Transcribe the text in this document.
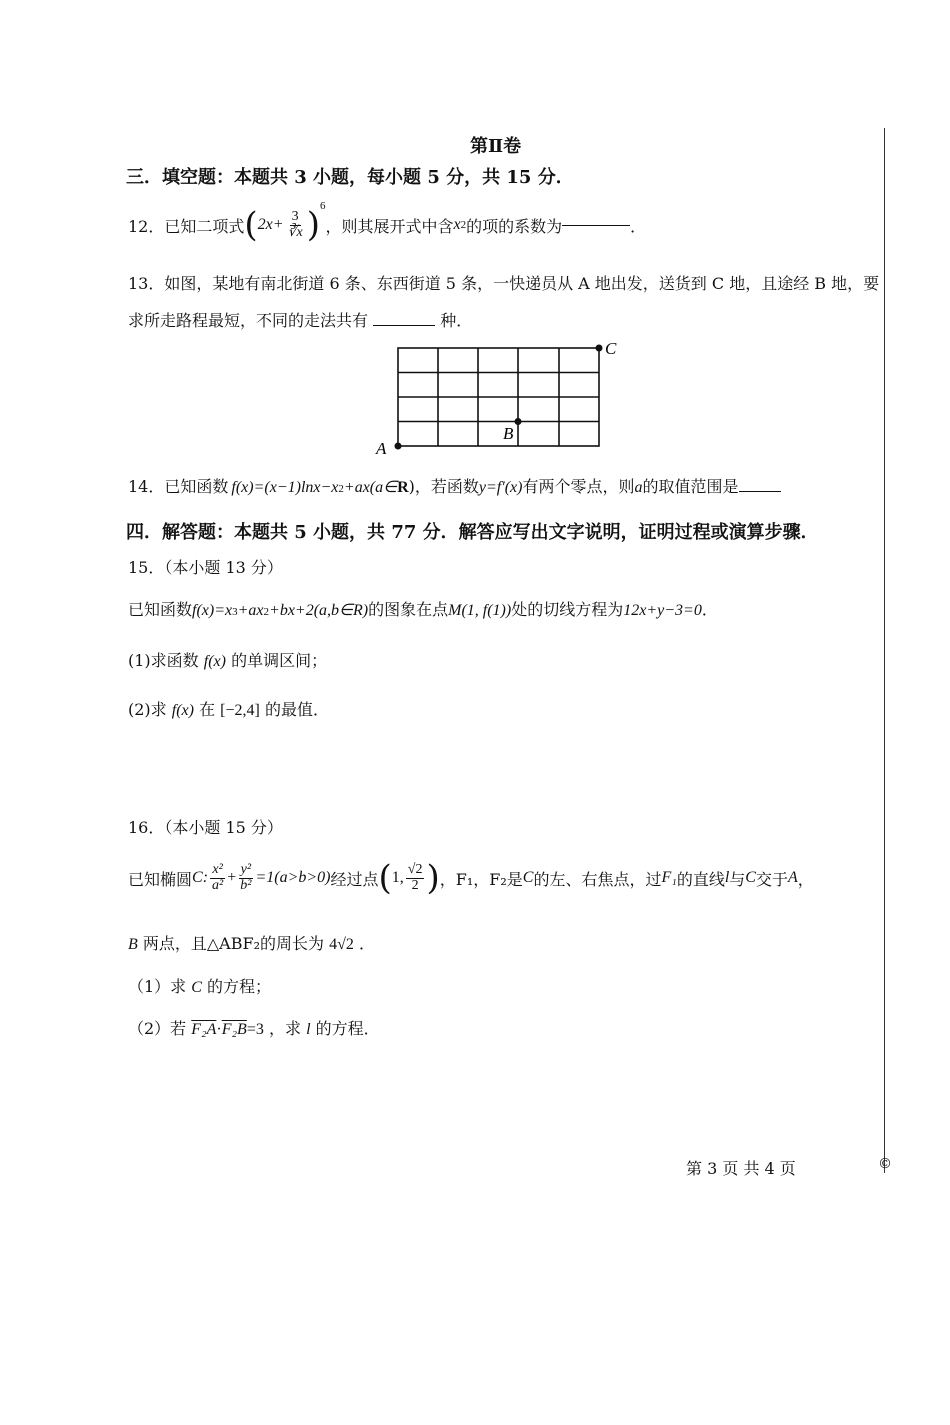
第Ⅱ卷
三．填空题：本题共 3 小题，每小题 5 分，共 15 分．
12． 已知二项式 ( $2x+ \frac{3}{∛x}$ ) 6
，则其展开式中含 x 2 的项的系数为	．
13．如图，某地有南北街道 6 条、东西街道 5 条，一快递员从 A 地出发，送货到 C 地，且途经 B 地，要
求所走路程最短，不同的走法共有	种．
C
B
A
14． 已知函数 f(x)=(x−1)lnx−x 2 +ax(a∈ R )，若函数 y=f′(x) 有两个零点，则 a 的取值范围是
四．解答题：本题共 5 小题，共 77 分．解答应写出文字说明，证明过程或演算步骤．
15．（本小题 13 分）
已知函数 f(x)=x 3 +ax 2 +bx+2(a,b∈R) 的图象在点 M(1, f(1)) 处的切线方程为 12x+y−3=0 ．
(1)求函数 f(x) 的单调区间；
(2)求 f(x) 在 [−2,4] 的最值．
16．（本小题 15 分）
已知椭圆 C: $\frac{\text{x²}}{\text{a²}} + \frac{\text{y²}}{\text{b²}} =1(a>b>0)$ 经过点 ( 1, $\frac{√2}{2}$ ) ，F₁，F₂是 C 的左、右焦点，过 F₁ 的直线 l 与 C 交于 A ，
B 两点，且△ABF₂的周长为 4√2 ．
（1）求 C 的方程；
（2）若 F₂A·F₂B=3 ，求 l 的方程．
第 3 页 共 4 页	©
